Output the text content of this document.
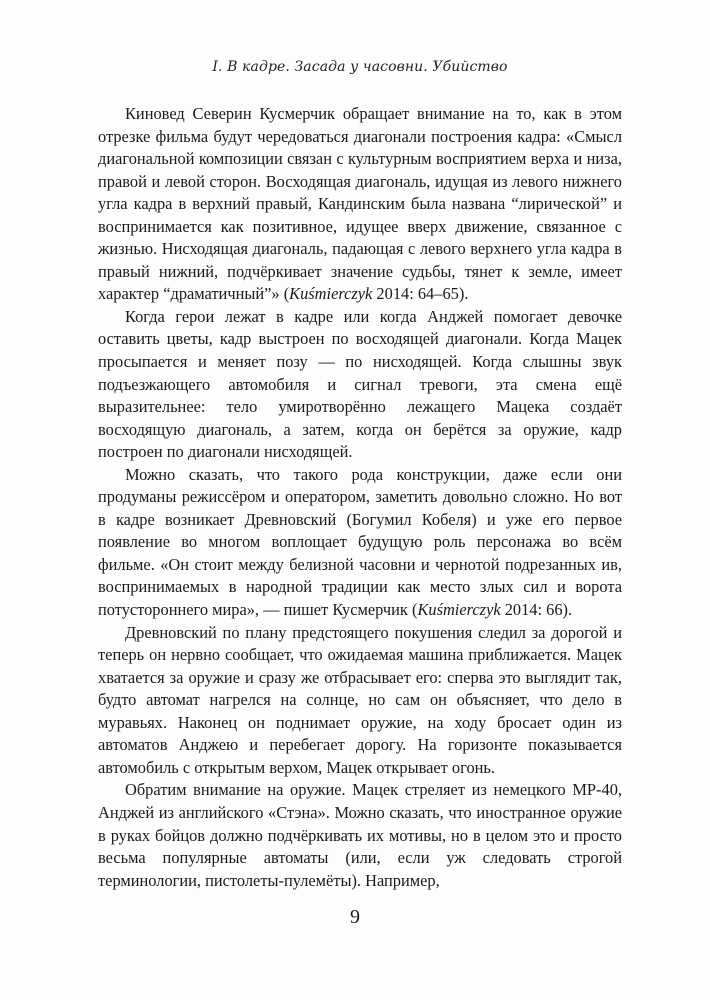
I. В кадре. Засада у часовни. Убийство

Киновед Северин Кусмерчик обращает внимание на то, как в этом отрезке фильма будут чередоваться диагонали построения кадра: «Смысл диагональной композиции связан с культурным восприятием верха и низа, правой и левой сторон. Восходящая диагональ, идущая из левого нижнего угла кадра в верхний правый, Кандинским была названа “лирической” и воспринимается как позитивное, идущее вверх движение, связанное с жизнью. Нисходящая диагональ, падающая с левого верхнего угла кадра в правый нижний, подчёркивает значение судьбы, тянет к земле, имеет характер “драматичный”» (Kuśmierczyk 2014: 64–65).

Когда герои лежат в кадре или когда Анджей помогает девочке оставить цветы, кадр выстроен по восходящей диагонали. Когда Мацек просыпается и меняет позу — по нисходящей. Когда слышны звук подъезжающего автомобиля и сигнал тревоги, эта смена ещё выразительнее: тело умиротворённо лежащего Мацека создаёт восходящую диагональ, а затем, когда он берётся за оружие, кадр построен по диагонали нисходящей.

Можно сказать, что такого рода конструкции, даже если они продуманы режиссёром и оператором, заметить довольно сложно. Но вот в кадре возникает Древновский (Богумил Кобеля) и уже его первое появление во многом воплощает будущую роль персонажа во всём фильме. «Он стоит между белизной часовни и чернотой подрезанных ив, воспринимаемых в народной традиции как место злых сил и ворота потустороннего мира», — пишет Кусмерчик (Kuśmierczyk 2014: 66).

Древновский по плану предстоящего покушения следил за дорогой и теперь он нервно сообщает, что ожидаемая машина приближается. Мацек хватается за оружие и сразу же отбрасывает его: сперва это выглядит так, будто автомат нагрелся на солнце, но сам он объясняет, что дело в муравьях. Наконец он поднимает оружие, на ходу бросает один из автоматов Анджею и перебегает дорогу. На горизонте показывается автомобиль с открытым верхом, Мацек открывает огонь.

Обратим внимание на оружие. Мацек стреляет из немецкого MP-40, Анджей из английского «Стэна». Можно сказать, что иностранное оружие в руках бойцов должно подчёркивать их мотивы, но в целом это и просто весьма популярные автоматы (или, если уж следовать строгой терминологии, пистолеты-пулемёты). Например,

9
